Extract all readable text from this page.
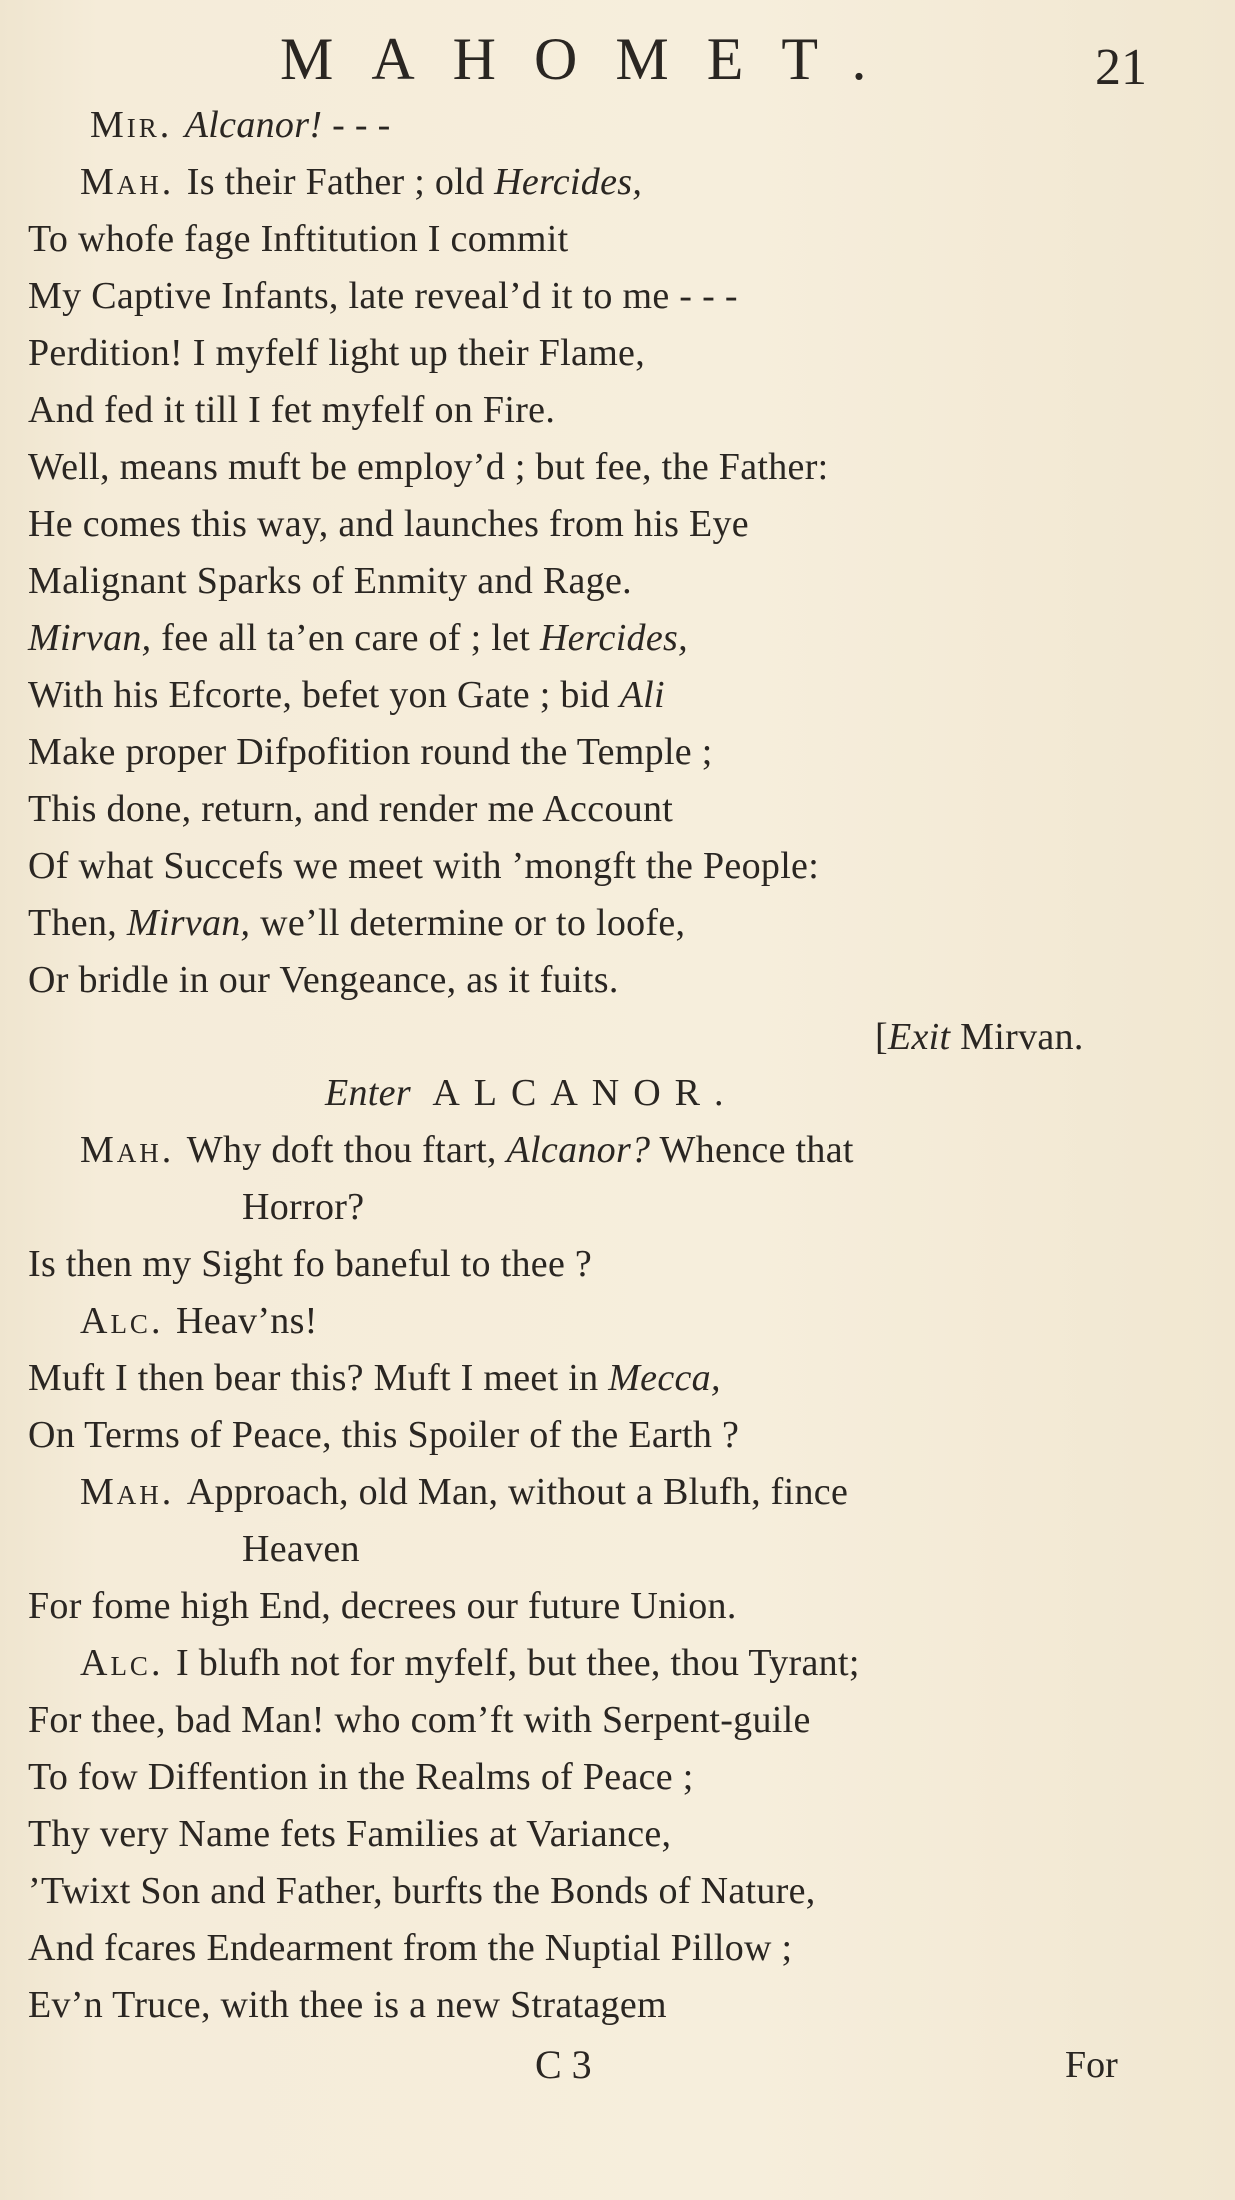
MAHOMET.	21
Mir. Alcanor! - - -
Mah. Is their Father ; old Hercides,
To whofe fage Inftitution I commit
My Captive Infants, late reveal’d it to me - - -
Perdition! I myfelf light up their Flame,
And fed it till I fet myfelf on Fire.
Well, means muft be employ’d ; but fee, the Father:
He comes this way, and launches from his Eye
Malignant Sparks of Enmity and Rage.
Mirvan, fee all ta’en care of ; let Hercides,
With his Efcorte, befet yon Gate ; bid Ali
Make proper Difpofition round the Temple ;
This done, return, and render me Account
Of what Succefs we meet with ’mongft the People:
Then, Mirvan, we’ll determine or to loofe,
Or bridle in our Vengeance, as it fuits.
[Exit Mirvan.
Enter ALCANOR.
Mah. Why doft thou ftart, Alcanor? Whence that
Horror?
Is then my Sight fo baneful to thee ?
Alc. Heav’ns!
Muft I then bear this? Muft I meet in Mecca,
On Terms of Peace, this Spoiler of the Earth ?
Mah. Approach, old Man, without a Blufh, fince
Heaven
For fome high End, decrees our future Union.
Alc. I blufh not for myfelf, but thee, thou Tyrant;
For thee, bad Man! who com’ft with Serpent-guile
To fow Diffention in the Realms of Peace ;
Thy very Name fets Families at Variance,
’Twixt Son and Father, burfts the Bonds of Nature,
And fcares Endearment from the Nuptial Pillow ;
Ev’n Truce, with thee is a new Stratagem
C 3	For
